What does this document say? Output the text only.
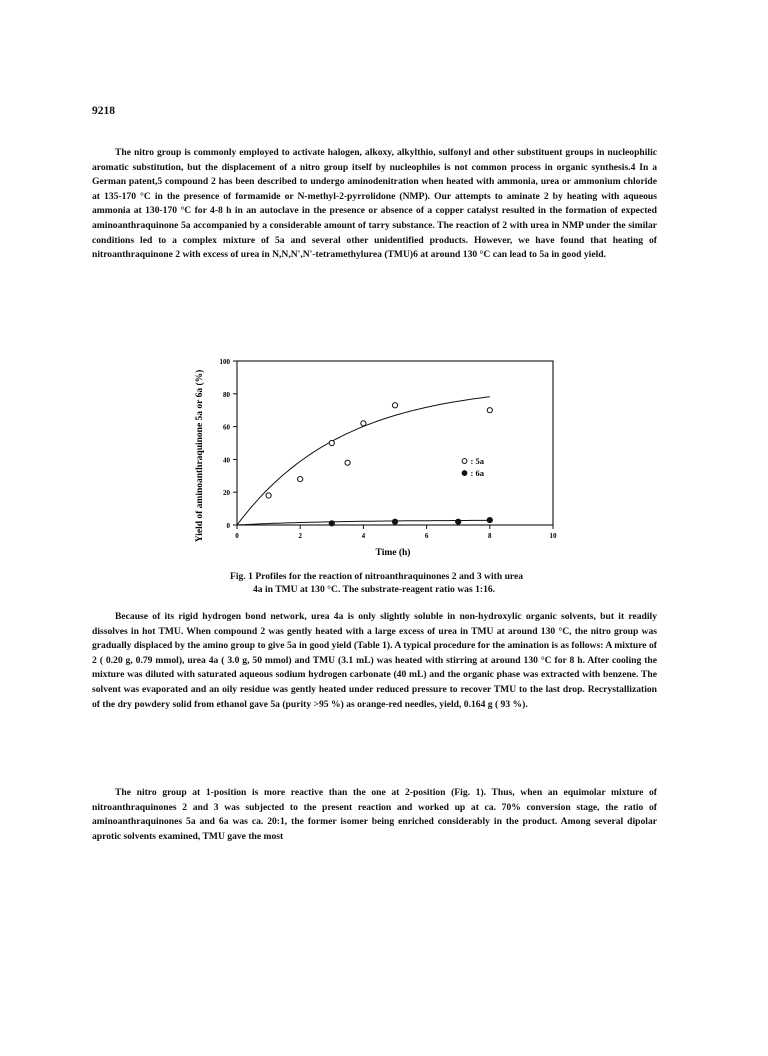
9218

The nitro group is commonly employed to activate halogen, alkoxy, alkylthio, sulfonyl and other substituent groups in nucleophilic aromatic substitution, but the displacement of a nitro group itself by nucleophiles is not common process in organic synthesis.4 In a German patent,5 compound 2 has been described to undergo aminodenitration when heated with ammonia, urea or ammonium chloride at 135-170 °C in the presence of formamide or N-methyl-2-pyrrolidone (NMP). Our attempts to aminate 2 by heating with aqueous ammonia at 130-170 °C for 4-8 h in an autoclave in the presence or absence of a copper catalyst resulted in the formation of expected aminoanthraquinone 5a accompanied by a considerable amount of tarry substance. The reaction of 2 with urea in NMP under the similar conditions led to a complex mixture of 5a and several other unidentified products. However, we have found that heating of nitroanthraquinone 2 with excess of urea in N,N,N',N'-tetramethylurea (TMU)6 at around 130 °C can lead to 5a in good yield.

0
20
40
60
80
100
0	2	4	6	8	10
: 5a
: 6a
Yield of aminoanthraquinone 5a or 6a (%)
Time (h)

Fig. 1 Profiles for the reaction of nitroanthraquinones 2 and 3 with urea
4a in TMU at 130 °C. The substrate-reagent ratio was 1:16.

Because of its rigid hydrogen bond network, urea 4a is only slightly soluble in non-hydroxylic organic solvents, but it readily dissolves in hot TMU. When compound 2 was gently heated with a large excess of urea in TMU at around 130 °C, the nitro group was gradually displaced by the amino group to give 5a in good yield (Table 1). A typical procedure for the amination is as follows: A mixture of 2 ( 0.20 g, 0.79 mmol), urea 4a ( 3.0 g, 50 mmol) and TMU (3.1 mL) was heated with stirring at around 130 °C for 8 h. After cooling the mixture was diluted with saturated aqueous sodium hydrogen carbonate (40 mL) and the organic phase was extracted with benzene. The solvent was evaporated and an oily residue was gently heated under reduced pressure to recover TMU to the last drop. Recrystallization of the dry powdery solid from ethanol gave 5a (purity >95 %) as orange-red needles, yield, 0.164 g ( 93 %).

The nitro group at 1-position is more reactive than the one at 2-position (Fig. 1). Thus, when an equimolar mixture of nitroanthraquinones 2 and 3 was subjected to the present reaction and worked up at ca. 70% conversion stage, the ratio of aminoanthraquinones 5a and 6a was ca. 20:1, the former isomer being enriched considerably in the product. Among several dipolar aprotic solvents examined, TMU gave the most
